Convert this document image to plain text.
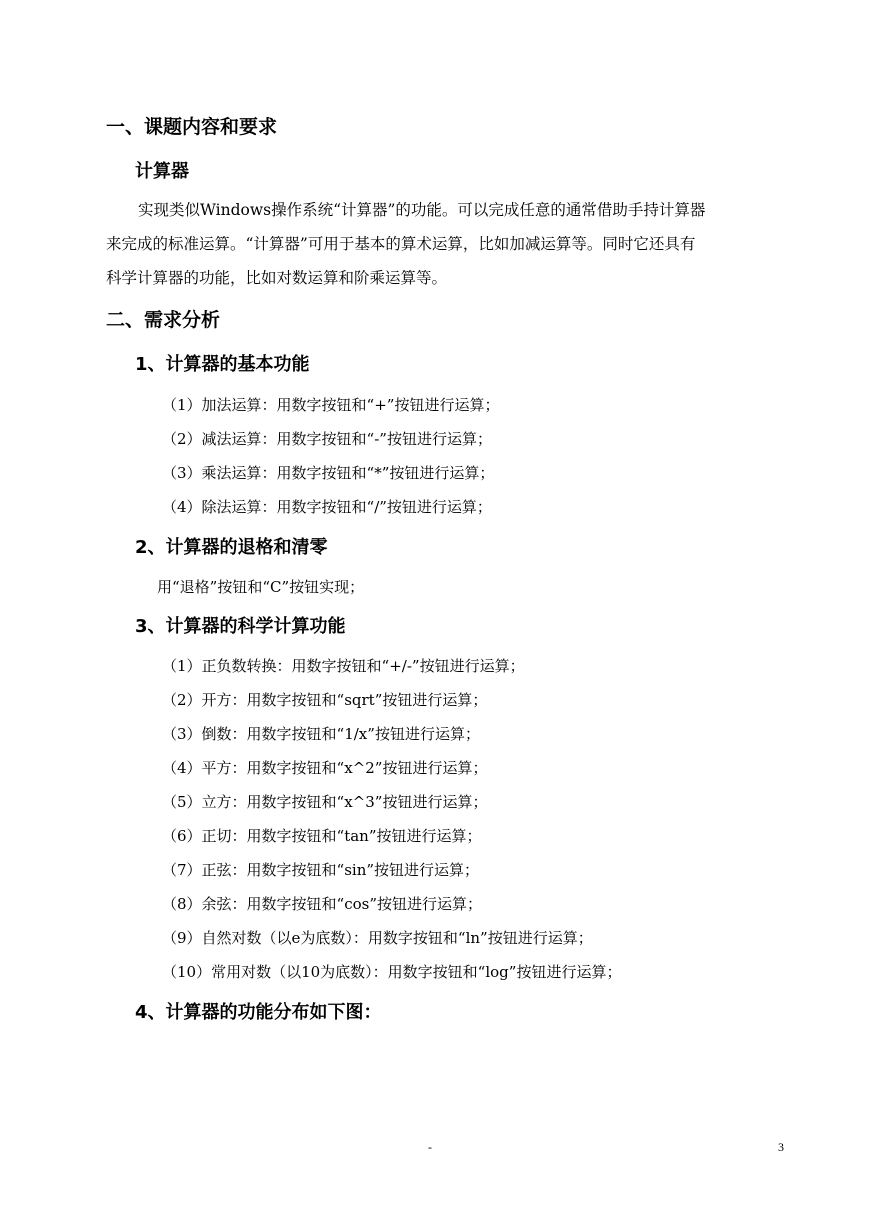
一、课题内容和要求
计算器
实现类似Windows操作系统“计算器”的功能。可以完成任意的通常借助手持计算器
来完成的标准运算。“计算器”可用于基本的算术运算，比如加减运算等。同时它还具有
科学计算器的功能，比如对数运算和阶乘运算等。
二、需求分析
1、计算器的基本功能
（1）加法运算：用数字按钮和“+”按钮进行运算；
（2）减法运算：用数字按钮和“-”按钮进行运算；
（3）乘法运算：用数字按钮和“*”按钮进行运算；
（4）除法运算：用数字按钮和“/”按钮进行运算；
2、计算器的退格和清零
用“退格”按钮和“C”按钮实现；
3、计算器的科学计算功能
（1）正负数转换：用数字按钮和“+/-”按钮进行运算；
（2）开方：用数字按钮和“sqrt”按钮进行运算；
（3）倒数：用数字按钮和“1/x”按钮进行运算；
（4）平方：用数字按钮和“x^2”按钮进行运算；
（5）立方：用数字按钮和“x^3”按钮进行运算；
（6）正切：用数字按钮和“tan”按钮进行运算；
（7）正弦：用数字按钮和“sin”按钮进行运算；
（8）余弦：用数字按钮和“cos”按钮进行运算；
（9）自然对数（以e为底数）：用数字按钮和“ln”按钮进行运算；
（10）常用对数（以10为底数）：用数字按钮和“log”按钮进行运算；
4、计算器的功能分布如下图：
-	3
